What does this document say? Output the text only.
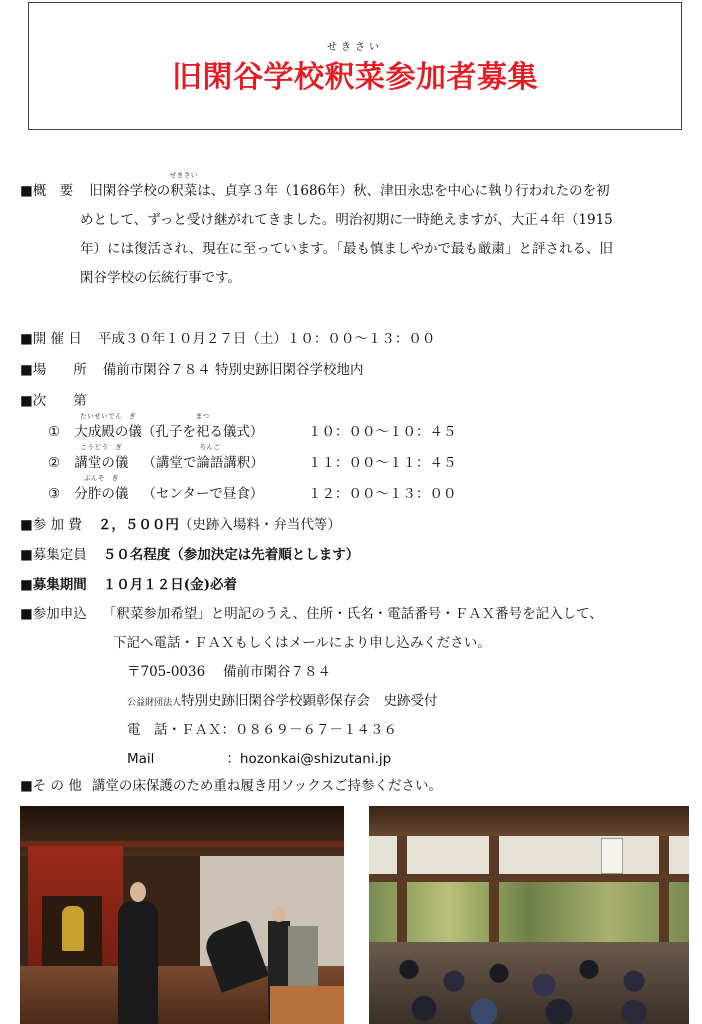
旧閑谷学校
せきさい
釈菜参加者募集
■概　要 旧閑谷学校の
せきさい
釈菜は、貞享３年（1686年）秋、津田永忠を中心に執り行われたのを初
めとして、ずっと受け継がれてきました。明治初期に一時絶えますが、大正４年（1915
年）には復活され、現在に至っています。「最も慎ましやかで最も厳粛」と評される、旧
閑谷学校の伝統行事です。
■開 催 日 平成３０年１０月２７日（土）１０：００～１３：００
■場　　所 備前市閑谷７８４ 特別史跡旧閑谷学校地内
■次　　第
①
たいせいでん　ぎ
大成殿の儀（孔子を
まつ
祀る儀式）	１０：００～１０：４５
②
こうどう　ぎ
講堂の儀 （講堂で
ろんご
論語講釈）	１１：００～１１：４５
③
ぶんそ　ぎ
分胙の儀 （センターで昼食）	１２：００～１３：００
■参 加 費 ２，５００円（史跡入場料・弁当代等）
■募集定員 ５０名程度（参加決定は先着順とします）
■募集期間 １０月１２日(金)必着
■参加申込 「釈菜参加希望」と明記のうえ、住所・氏名・電話番号・ＦＡＸ番号を記入して、
下記へ電話・ＦＡＸもしくはメールにより申し込みください。
〒705-0036　 備前市閑谷７８４
公益財団法人特別史跡旧閑谷学校顕彰保存会　史跡受付
電　話・ＦＡＸ：０８６９－６７－１４３６
Mail	：hozonkai@shizutani.jp
■そ の 他 講堂の床保護のため重ね履き用ソックスご持参ください。
